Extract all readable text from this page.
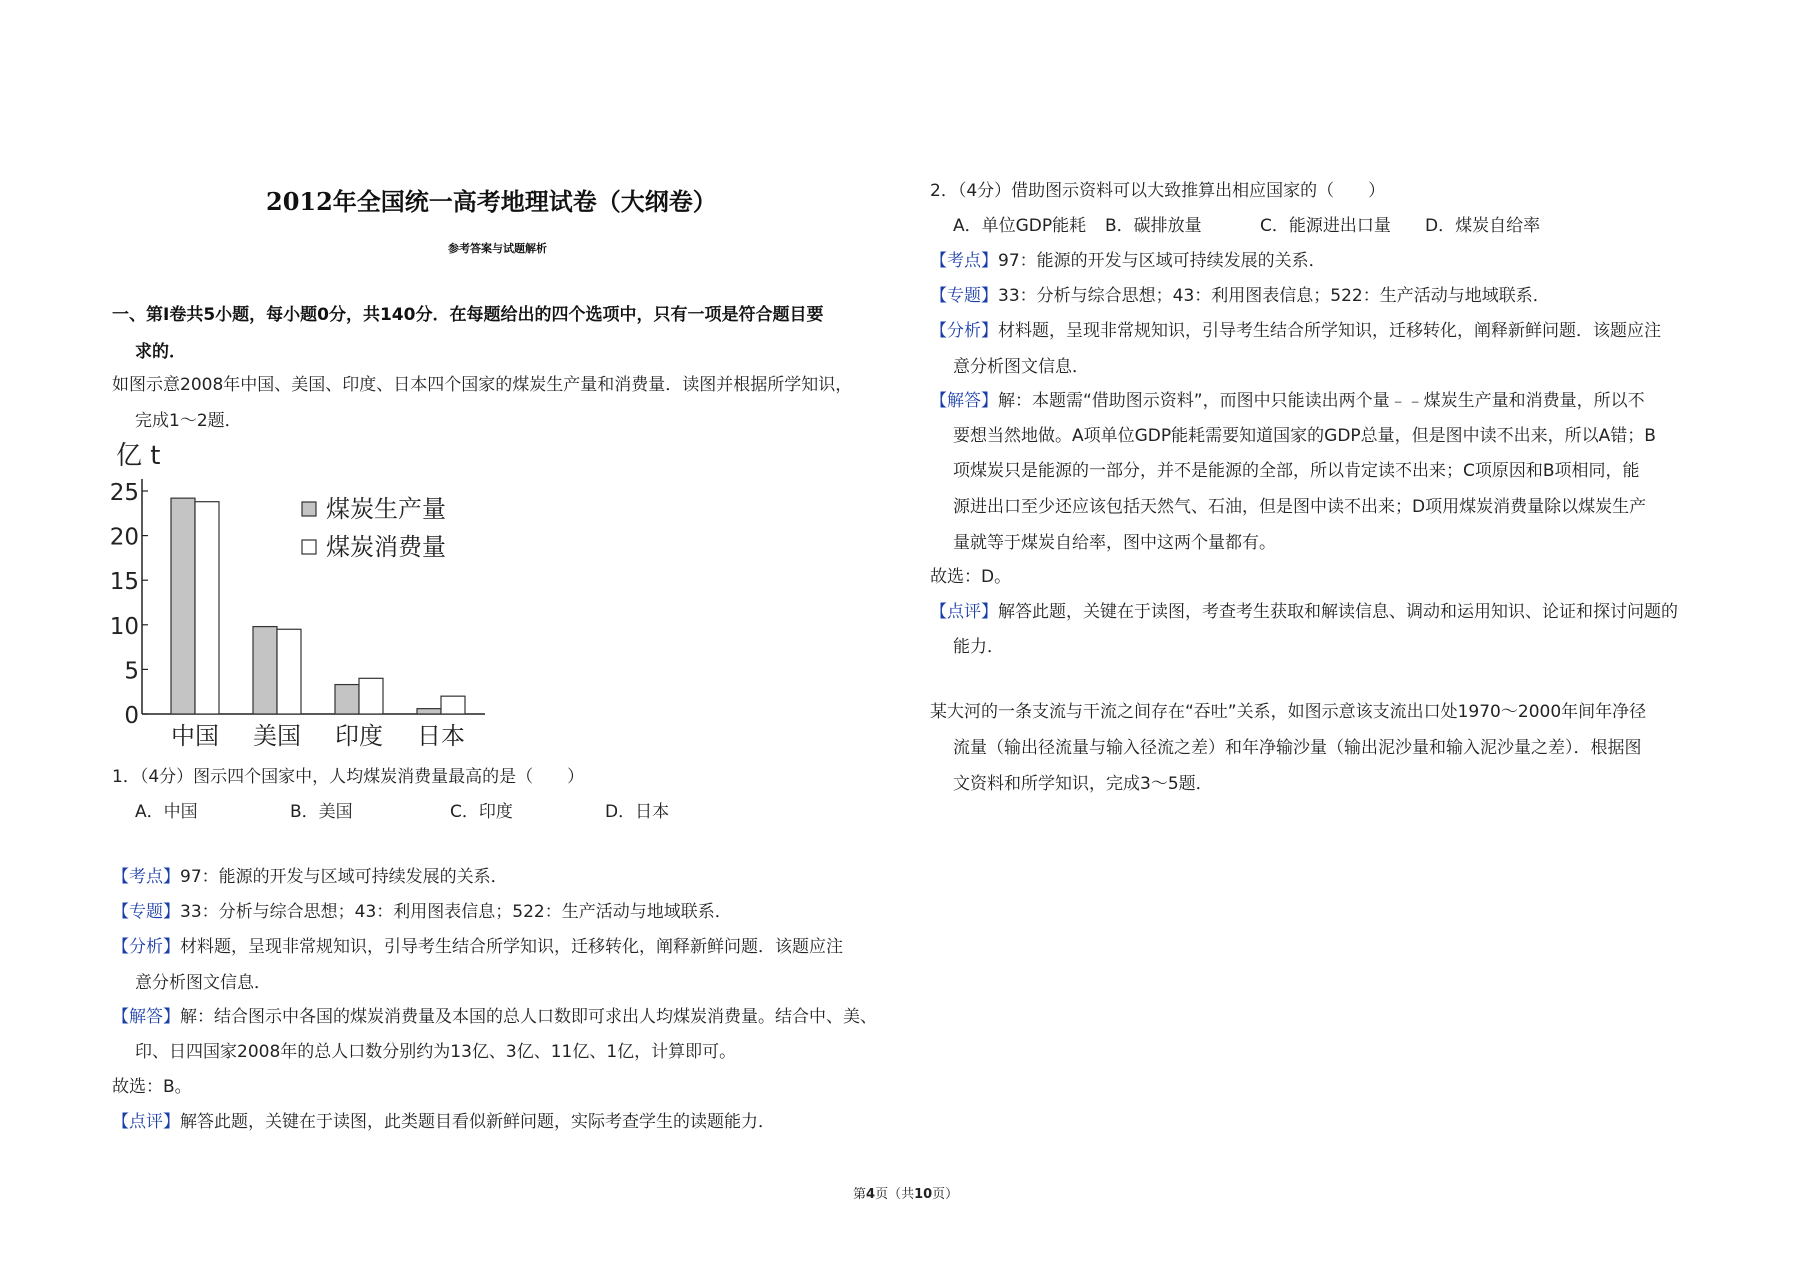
2012年全国统一高考地理试卷（大纲卷）
参考答案与试题解析
一、第Ⅰ卷共5小题，每小题0分，共140分．在每题给出的四个选项中，只有一项是符合题目要
求的．
如图示意2008年中国、美国、印度、日本四个国家的煤炭生产量和消费量．读图并根据所学知识，
完成1～2题．
亿 t
0
5
10
15
20
25
中国 美国 印度 日本
煤炭生产量
煤炭消费量
1．（4分）图示四个国家中，人均煤炭消费量最高的是（　　）
A．中国	B．美国	C．印度	D．日本
【考点】97：能源的开发与区域可持续发展的关系．
【专题】33：分析与综合思想；43：利用图表信息；522：生产活动与地域联系．
【分析】材料题，呈现非常规知识，引导考生结合所学知识，迁移转化，阐释新鲜问题．该题应注
意分析图文信息．
【解答】解：结合图示中各国的煤炭消费量及本国的总人口数即可求出人均煤炭消费量。结合中、美、
印、日四国家2008年的总人口数分别约为13亿、3亿、11亿、1亿，计算即可。
故选：B。
【点评】解答此题，关键在于读图，此类题目看似新鲜问题，实际考查学生的读题能力．
2．（4分）借助图示资料可以大致推算出相应国家的（　　）
A．单位GDP能耗 B．碳排放量	C．能源进出口量 D．煤炭自给率
【考点】97：能源的开发与区域可持续发展的关系．
【专题】33：分析与综合思想；43：利用图表信息；522：生产活动与地域联系．
【分析】材料题，呈现非常规知识，引导考生结合所学知识，迁移转化，阐释新鲜问题．该题应注
意分析图文信息．
【解答】解：本题需“借助图示资料”，而图中只能读出两个量﹣﹣煤炭生产量和消费量，所以不
要想当然地做。A项单位GDP能耗需要知道国家的GDP总量，但是图中读不出来，所以A错；B
项煤炭只是能源的一部分，并不是能源的全部，所以肯定读不出来；C项原因和B项相同，能
源进出口至少还应该包括天然气、石油，但是图中读不出来；D项用煤炭消费量除以煤炭生产
量就等于煤炭自给率，图中这两个量都有。
故选：D。
【点评】解答此题，关键在于读图，考查考生获取和解读信息、调动和运用知识、论证和探讨问题的
能力．
某大河的一条支流与干流之间存在“吞吐”关系，如图示意该支流出口处1970～2000年间年净径
流量（输出径流量与输入径流之差）和年净输沙量（输出泥沙量和输入泥沙量之差）．根据图
文资料和所学知识，完成3～5题．
第4页（共10页）
